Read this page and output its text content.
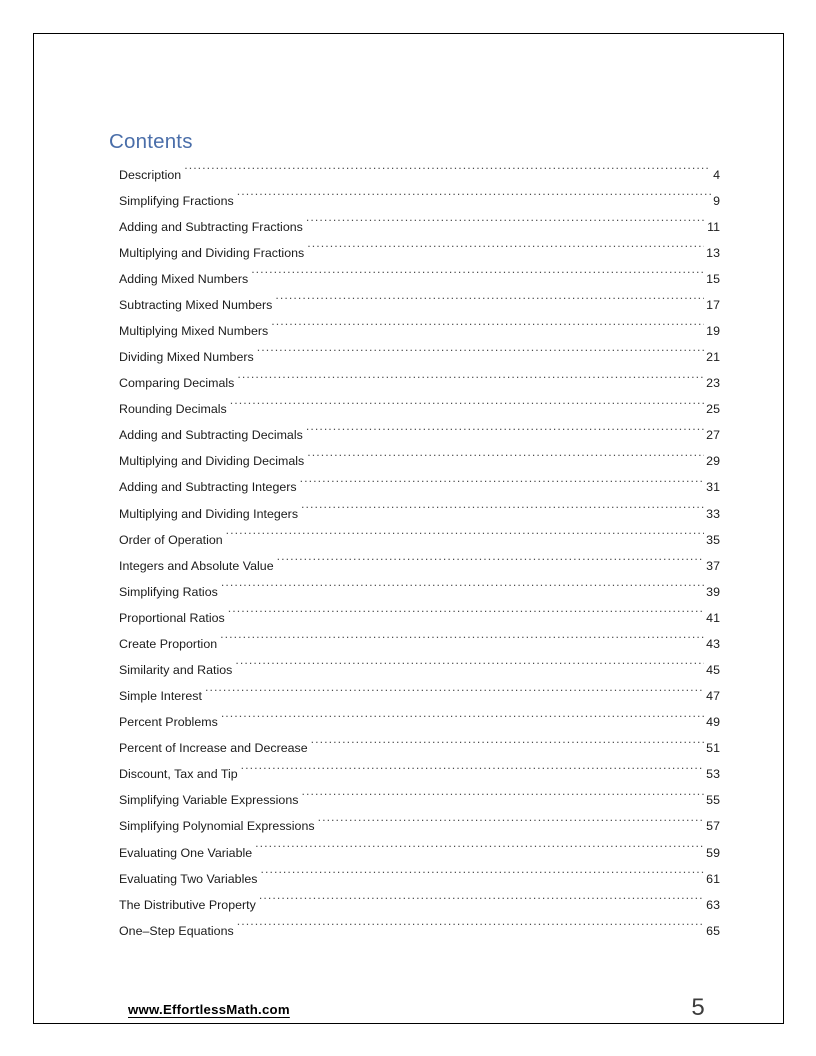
Contents
Description .....	4
Simplifying Fractions .....	9
Adding and Subtracting Fractions .....	11
Multiplying and Dividing Fractions .....	13
Adding Mixed Numbers .....	15
Subtracting Mixed Numbers .....	17
Multiplying Mixed Numbers .....	19
Dividing Mixed Numbers .....	21
Comparing Decimals .....	23
Rounding Decimals .....	25
Adding and Subtracting Decimals .....	27
Multiplying and Dividing Decimals .....	29
Adding and Subtracting Integers .....	31
Multiplying and Dividing Integers .....	33
Order of Operation .....	35
Integers and Absolute Value .....	37
Simplifying Ratios .....	39
Proportional Ratios .....	41
Create Proportion .....	43
Similarity and Ratios .....	45
Simple Interest .....	47
Percent Problems .....	49
Percent of Increase and Decrease .....	51
Discount, Tax and Tip .....	53
Simplifying Variable Expressions .....	55
Simplifying Polynomial Expressions .....	57
Evaluating One Variable .....	59
Evaluating Two Variables .....	61
The Distributive Property .....	63
One–Step Equations .....	65
www.EffortlessMath.com	5
